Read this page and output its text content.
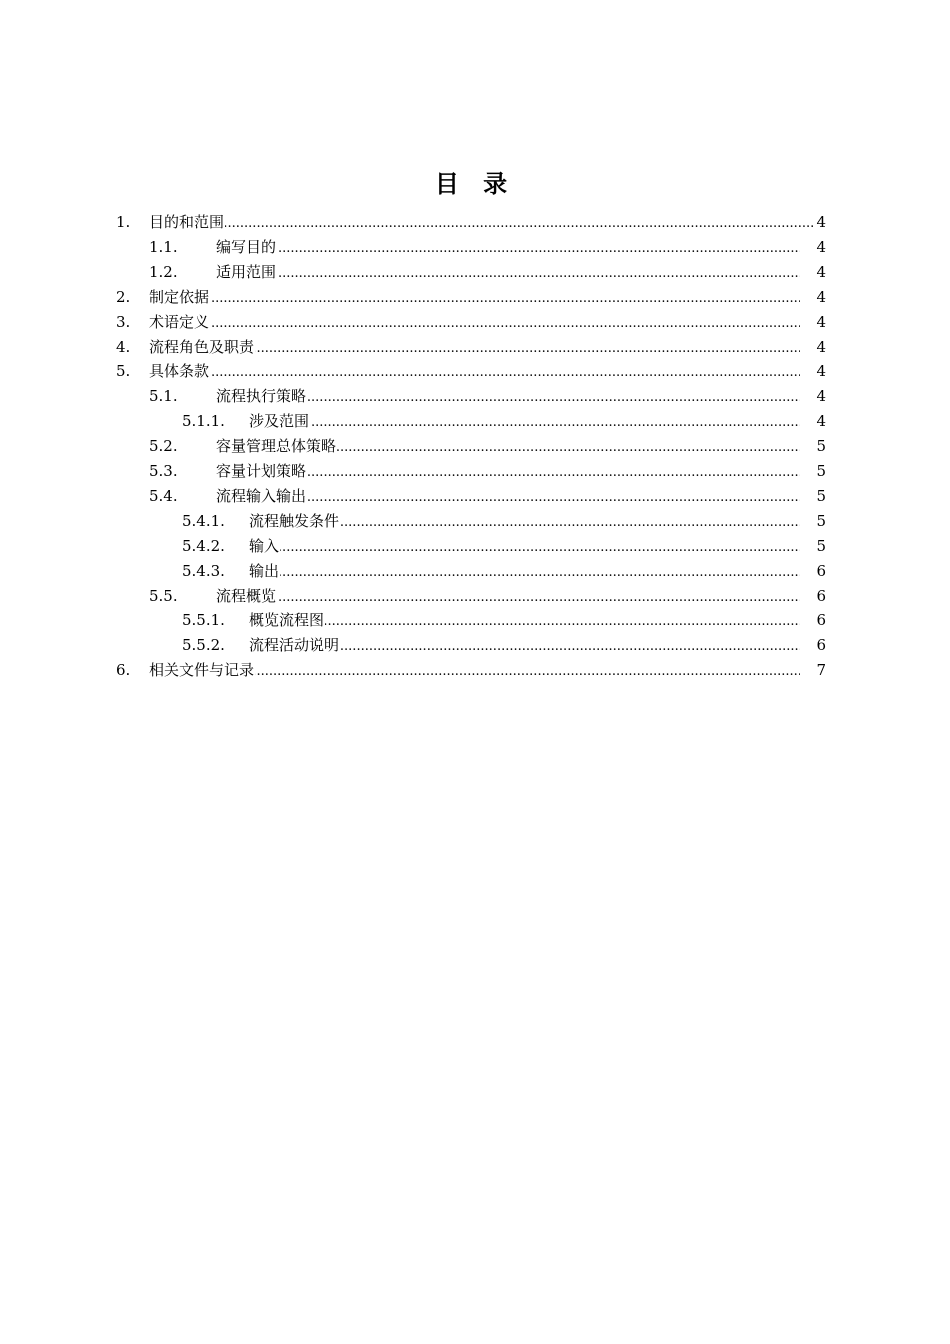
目 录
1. ..... 目的和范围	4
1.1. .....	编写目的	4
1.2. .....	适用范围	4
2. ..... 制定依据	4
3. ..... 术语定义	4
4. ..... 流程角色及职责	4
5. ..... 具体条款	4
5.1. .....	流程执行策略	4
5.1.1. ..... 涉及范围	4
5.2. .....	容量管理总体策略	5
5.3. .....	容量计划策略	5
5.4. .....	流程输入输出	5
5.4.1. ..... 流程触发条件	5
5.4.2. ..... 输入	5
5.4.3. ..... 输出	6
5.5. .....	流程概览	6
5.5.1. ..... 概览流程图	6
5.5.2. ..... 流程活动说明	6
6. ..... 相关文件与记录	7
